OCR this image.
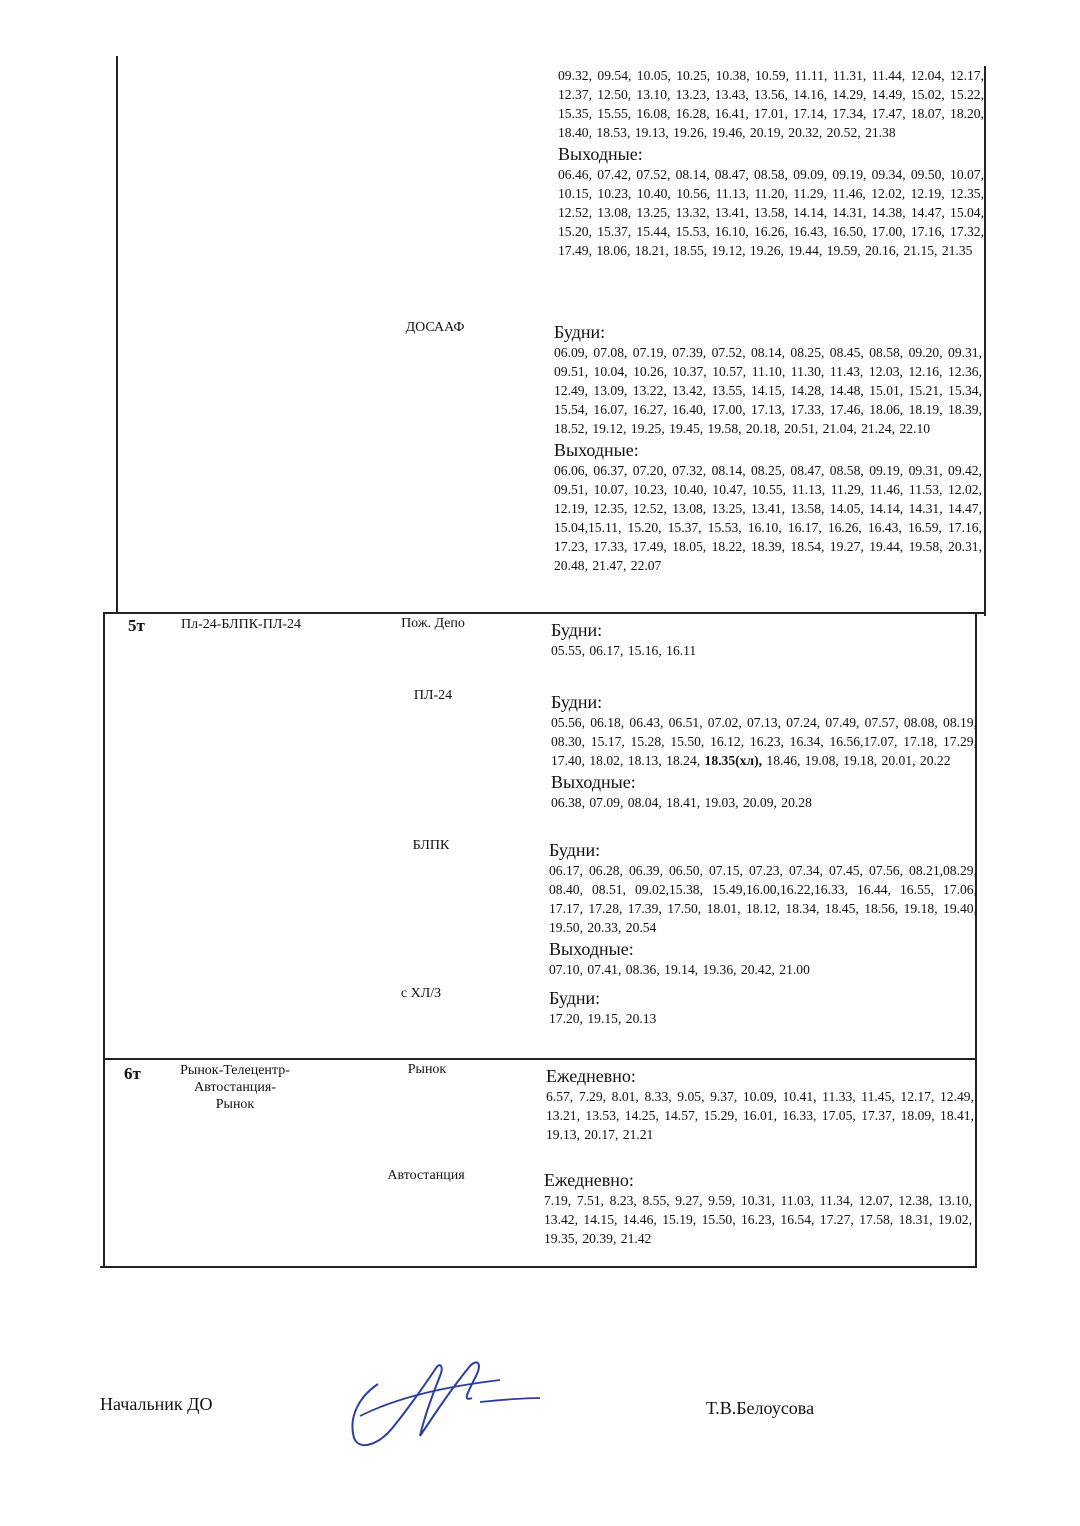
09.32, 09.54, 10.05, 10.25, 10.38, 10.59, 11.11, 11.31, 11.44, 12.04, 12.17, 12.37, 12.50, 13.10, 13.23, 13.43, 13.56, 14.16, 14.29, 14.49, 15.02, 15.22, 15.35, 15.55, 16.08, 16.28, 16.41, 17.01, 17.14, 17.34, 17.47, 18.07, 18.20, 18.40, 18.53, 19.13, 19.26, 19.46, 20.19, 20.32, 20.52, 21.38
Выходные:
06.46, 07.42, 07.52, 08.14, 08.47, 08.58, 09.09, 09.19, 09.34, 09.50, 10.07, 10.15, 10.23, 10.40, 10.56, 11.13, 11.20, 11.29, 11.46, 12.02, 12.19, 12.35, 12.52, 13.08, 13.25, 13.32, 13.41, 13.58, 14.14, 14.31, 14.38, 14.47, 15.04, 15.20, 15.37, 15.44, 15.53, 16.10, 16.26, 16.43, 16.50, 17.00, 17.16, 17.32, 17.49, 18.06, 18.21, 18.55, 19.12, 19.26, 19.44, 19.59, 20.16, 21.15, 21.35
ДОСААФ	Будни:
06.09, 07.08, 07.19, 07.39, 07.52, 08.14, 08.25, 08.45, 08.58, 09.20, 09.31, 09.51, 10.04, 10.26, 10.37, 10.57, 11.10, 11.30, 11.43, 12.03, 12.16, 12.36, 12.49, 13.09, 13.22, 13.42, 13.55, 14.15, 14.28, 14.48, 15.01, 15.21, 15.34, 15.54, 16.07, 16.27, 16.40, 17.00, 17.13, 17.33, 17.46, 18.06, 18.19, 18.39, 18.52, 19.12, 19.25, 19.45, 19.58, 20.18, 20.51, 21.04, 21.24, 22.10
Выходные:
06.06, 06.37, 07.20, 07.32, 08.14, 08.25, 08.47, 08.58, 09.19, 09.31, 09.42, 09.51, 10.07, 10.23, 10.40, 10.47, 10.55, 11.13, 11.29, 11.46, 11.53, 12.02, 12.19, 12.35, 12.52, 13.08, 13.25, 13.41, 13.58, 14.05, 14.14, 14.31, 14.47, 15.04,15.11, 15.20, 15.37, 15.53, 16.10, 16.17, 16.26, 16.43, 16.59, 17.16, 17.23, 17.33, 17.49, 18.05, 18.22, 18.39, 18.54, 19.27, 19.44, 19.58, 20.31, 20.48, 21.47, 22.07
5т	Пл-24-БЛПК-ПЛ-24	Пож. Депо	Будни:
05.55, 06.17, 15.16, 16.11
ПЛ-24	Будни:
05.56, 06.18, 06.43, 06.51, 07.02, 07.13, 07.24, 07.49, 07.57, 08.08, 08.19, 08.30, 15.17, 15.28, 15.50, 16.12, 16.23, 16.34, 16.56,17.07, 17.18, 17.29, 17.40, 18.02, 18.13, 18.24, 18.35(хл), 18.46, 19.08, 19.18, 20.01, 20.22
Выходные:
06.38, 07.09, 08.04, 18.41, 19.03, 20.09, 20.28
БЛПК	Будни:
06.17, 06.28, 06.39, 06.50, 07.15, 07.23, 07.34, 07.45, 07.56, 08.21,08.29, 08.40, 08.51, 09.02,15.38, 15.49,16.00,16.22,16.33, 16.44, 16.55, 17.06, 17.17, 17.28, 17.39, 17.50, 18.01, 18.12, 18.34, 18.45, 18.56, 19.18, 19.40, 19.50, 20.33, 20.54
Выходные:
07.10, 07.41, 08.36, 19.14, 19.36, 20.42, 21.00
с ХЛ/З	Будни:
17.20, 19.15, 20.13
6т	Рынок-Телецентр-
Автостанция-
Рынок
Рынок	Ежедневно:
6.57, 7.29, 8.01, 8.33, 9.05, 9.37, 10.09, 10.41, 11.33, 11.45, 12.17, 12.49, 13.21, 13.53, 14.25, 14.57, 15.29, 16.01, 16.33, 17.05, 17.37, 18.09, 18.41, 19.13, 20.17, 21.21
Автостанция	Ежедневно:
7.19, 7.51, 8.23, 8.55, 9.27, 9.59, 10.31, 11.03, 11.34, 12.07, 12.38, 13.10, 13.42, 14.15, 14.46, 15.19, 15.50, 16.23, 16.54, 17.27, 17.58, 18.31, 19.02, 19.35, 20.39, 21.42
Начальник ДО	Т.В.Белоусова
